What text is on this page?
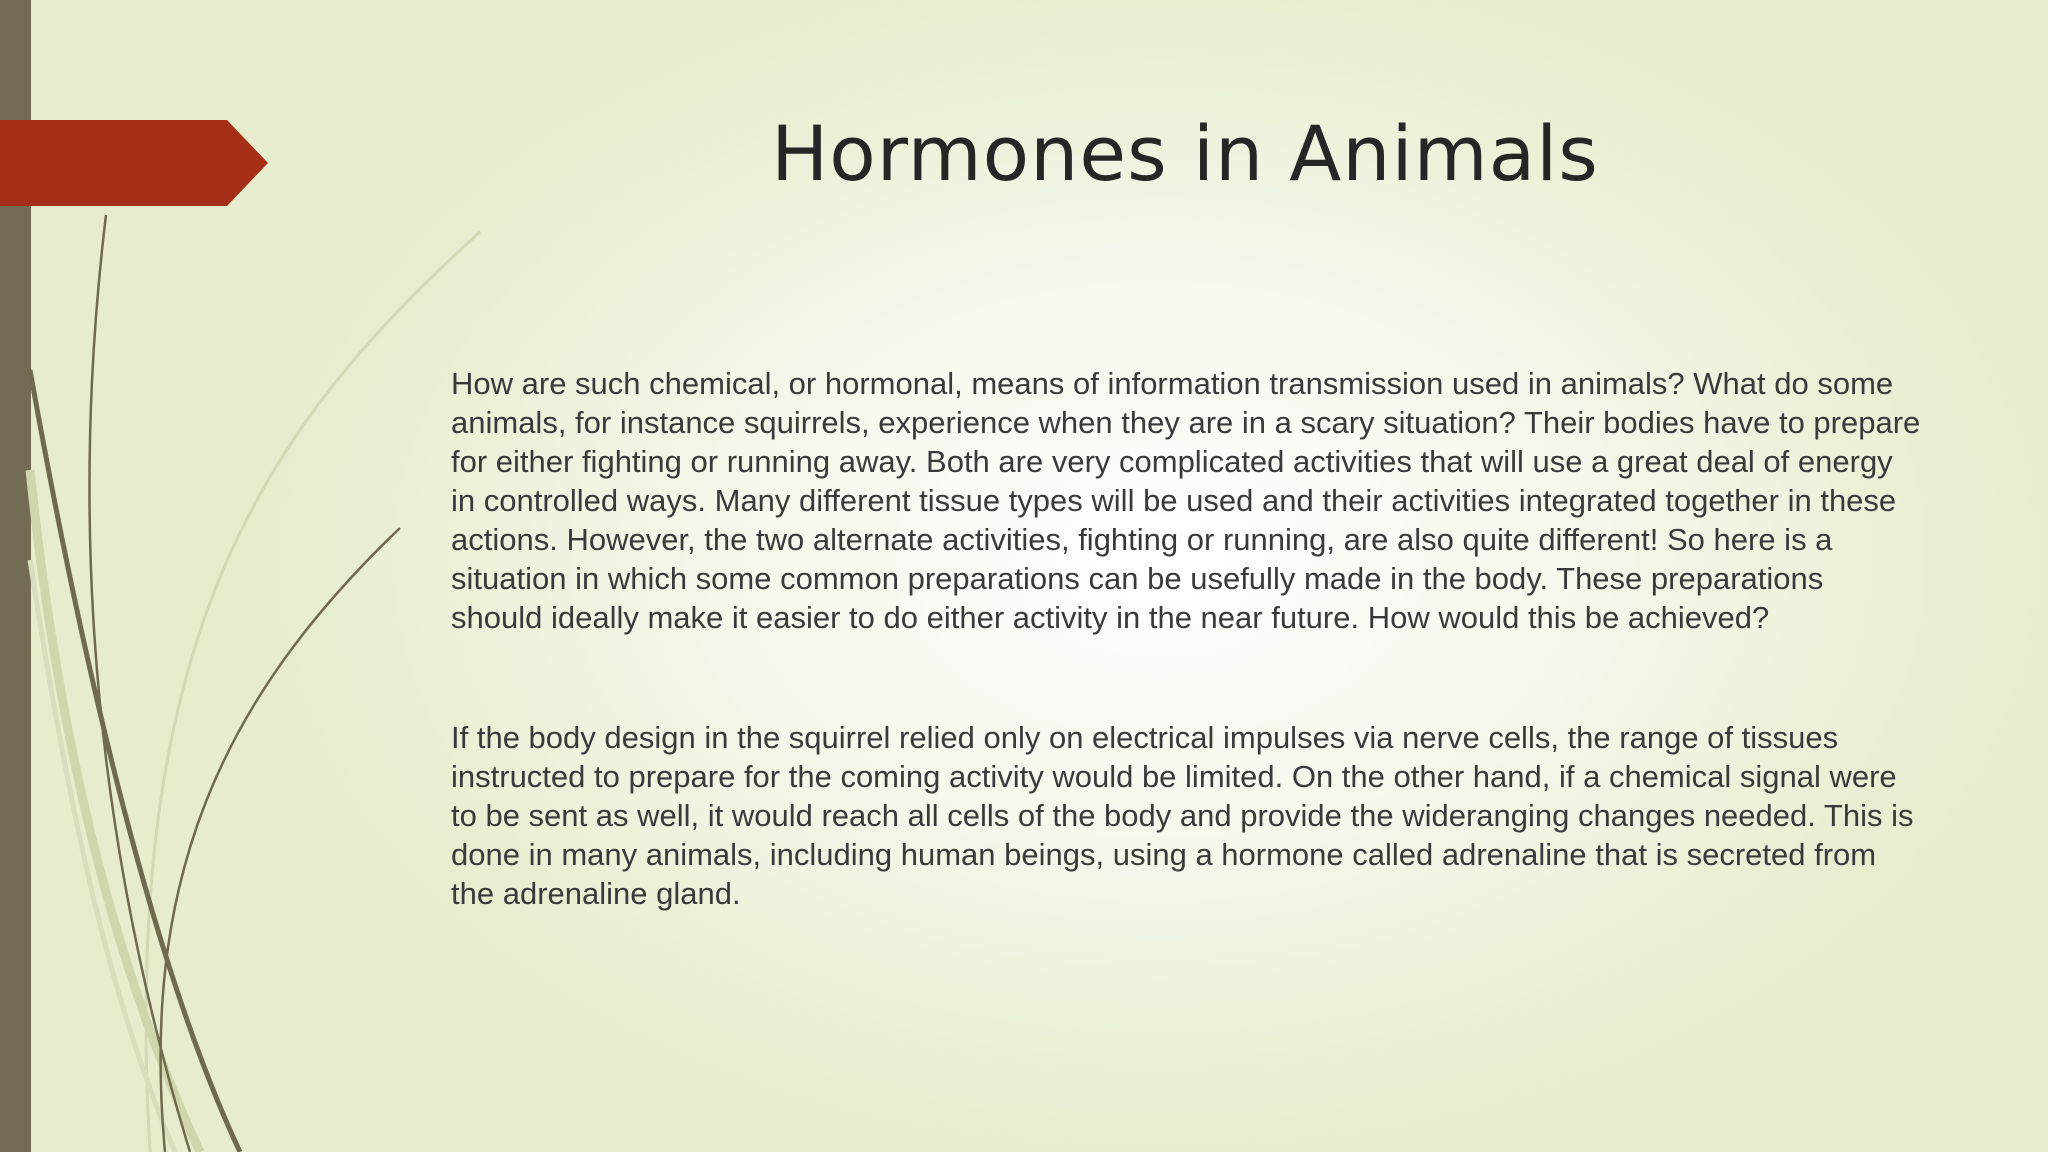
Hormones in Animals

How are such chemical, or hormonal, means of information transmission used in animals? What do some animals, for instance squirrels, experience when they are in a scary situation? Their bodies have to prepare for either fighting or running away. Both are very complicated activities that will use a great deal of energy in controlled ways. Many different tissue types will be used and their activities integrated together in these actions. However, the two alternate activities, fighting or running, are also quite different! So here is a situation in which some common preparations can be usefully made in the body. These preparations should ideally make it easier to do either activity in the near future. How would this be achieved?

If the body design in the squirrel relied only on electrical impulses via nerve cells, the range of tissues instructed to prepare for the coming activity would be limited. On the other hand, if a chemical signal were to be sent as well, it would reach all cells of the body and provide the wideranging changes needed. This is done in many animals, including human beings, using a hormone called adrenaline that is secreted from the adrenaline gland.
